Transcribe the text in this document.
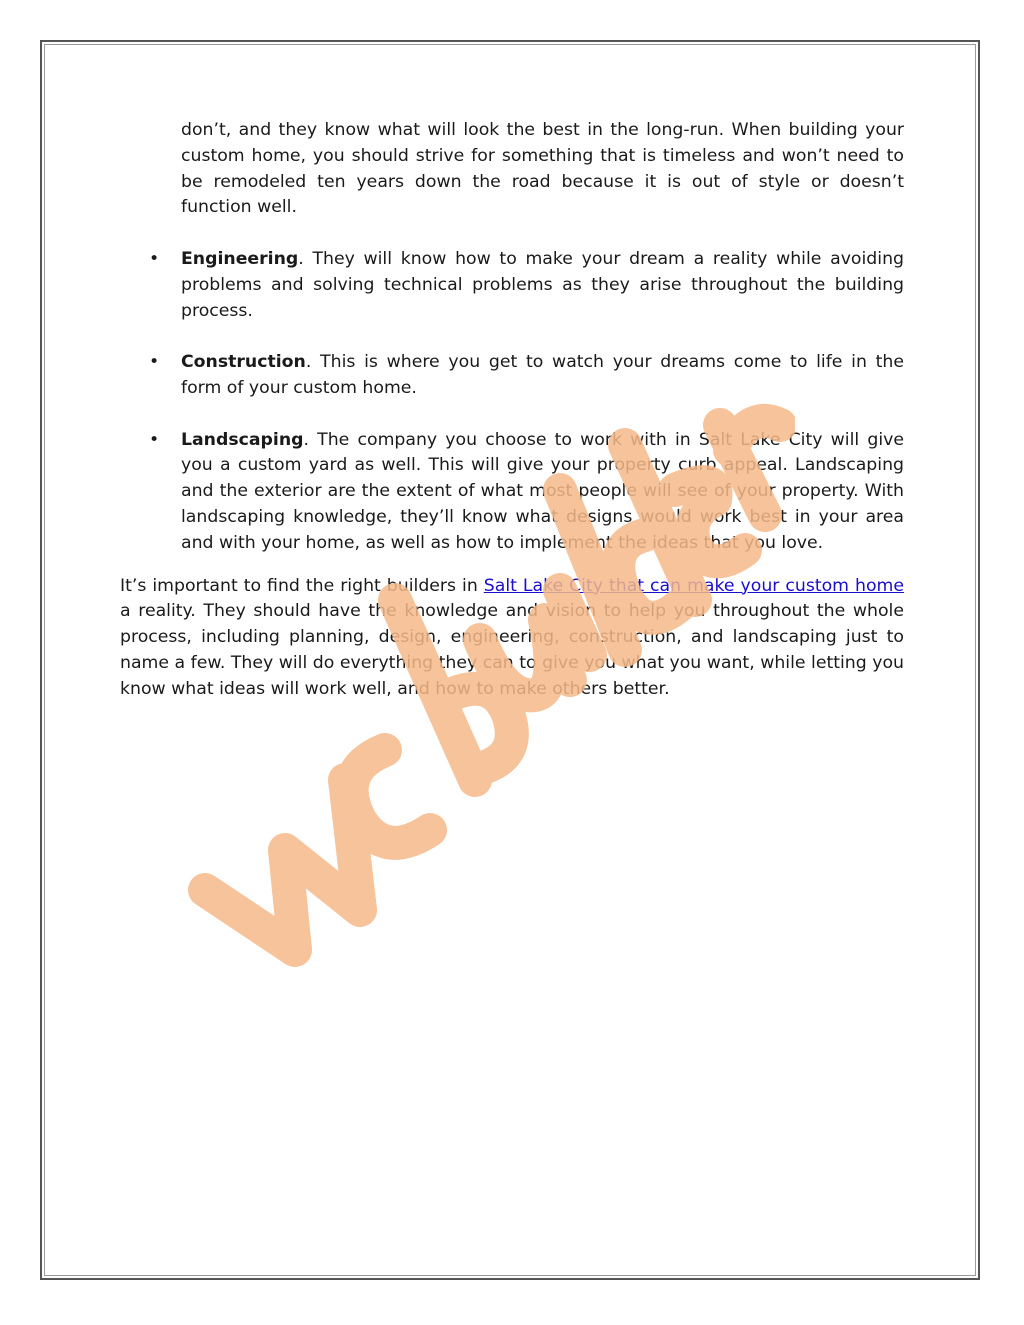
don’t, and they know what will look the best in the long-run. When building your custom home, you should strive for something that is timeless and won’t need to be remodeled ten years down the road because it is out of style or doesn’t function well.

• Engineering. They will know how to make your dream a reality while avoiding problems and solving technical problems as they arise throughout the building process.
• Construction. This is where you get to watch your dreams come to life in the form of your custom home.
• Landscaping. The company you choose to work with in Salt Lake City will give you a custom yard as well. This will give your property curb appeal. Landscaping and the exterior are the extent of what most people will see of your property. With landscaping knowledge, they’ll know what designs would work best in your area and with your home, as well as how to implement the ideas that you love.

It’s important to find the right builders in Salt Lake City that can make your custom home a reality. They should have the knowledge and vision to help you throughout the whole process, including planning, design, engineering, construction, and landscaping just to name a few. They will do everything they can to give you what you want, while letting you know what ideas will work well, and how to make others better.
